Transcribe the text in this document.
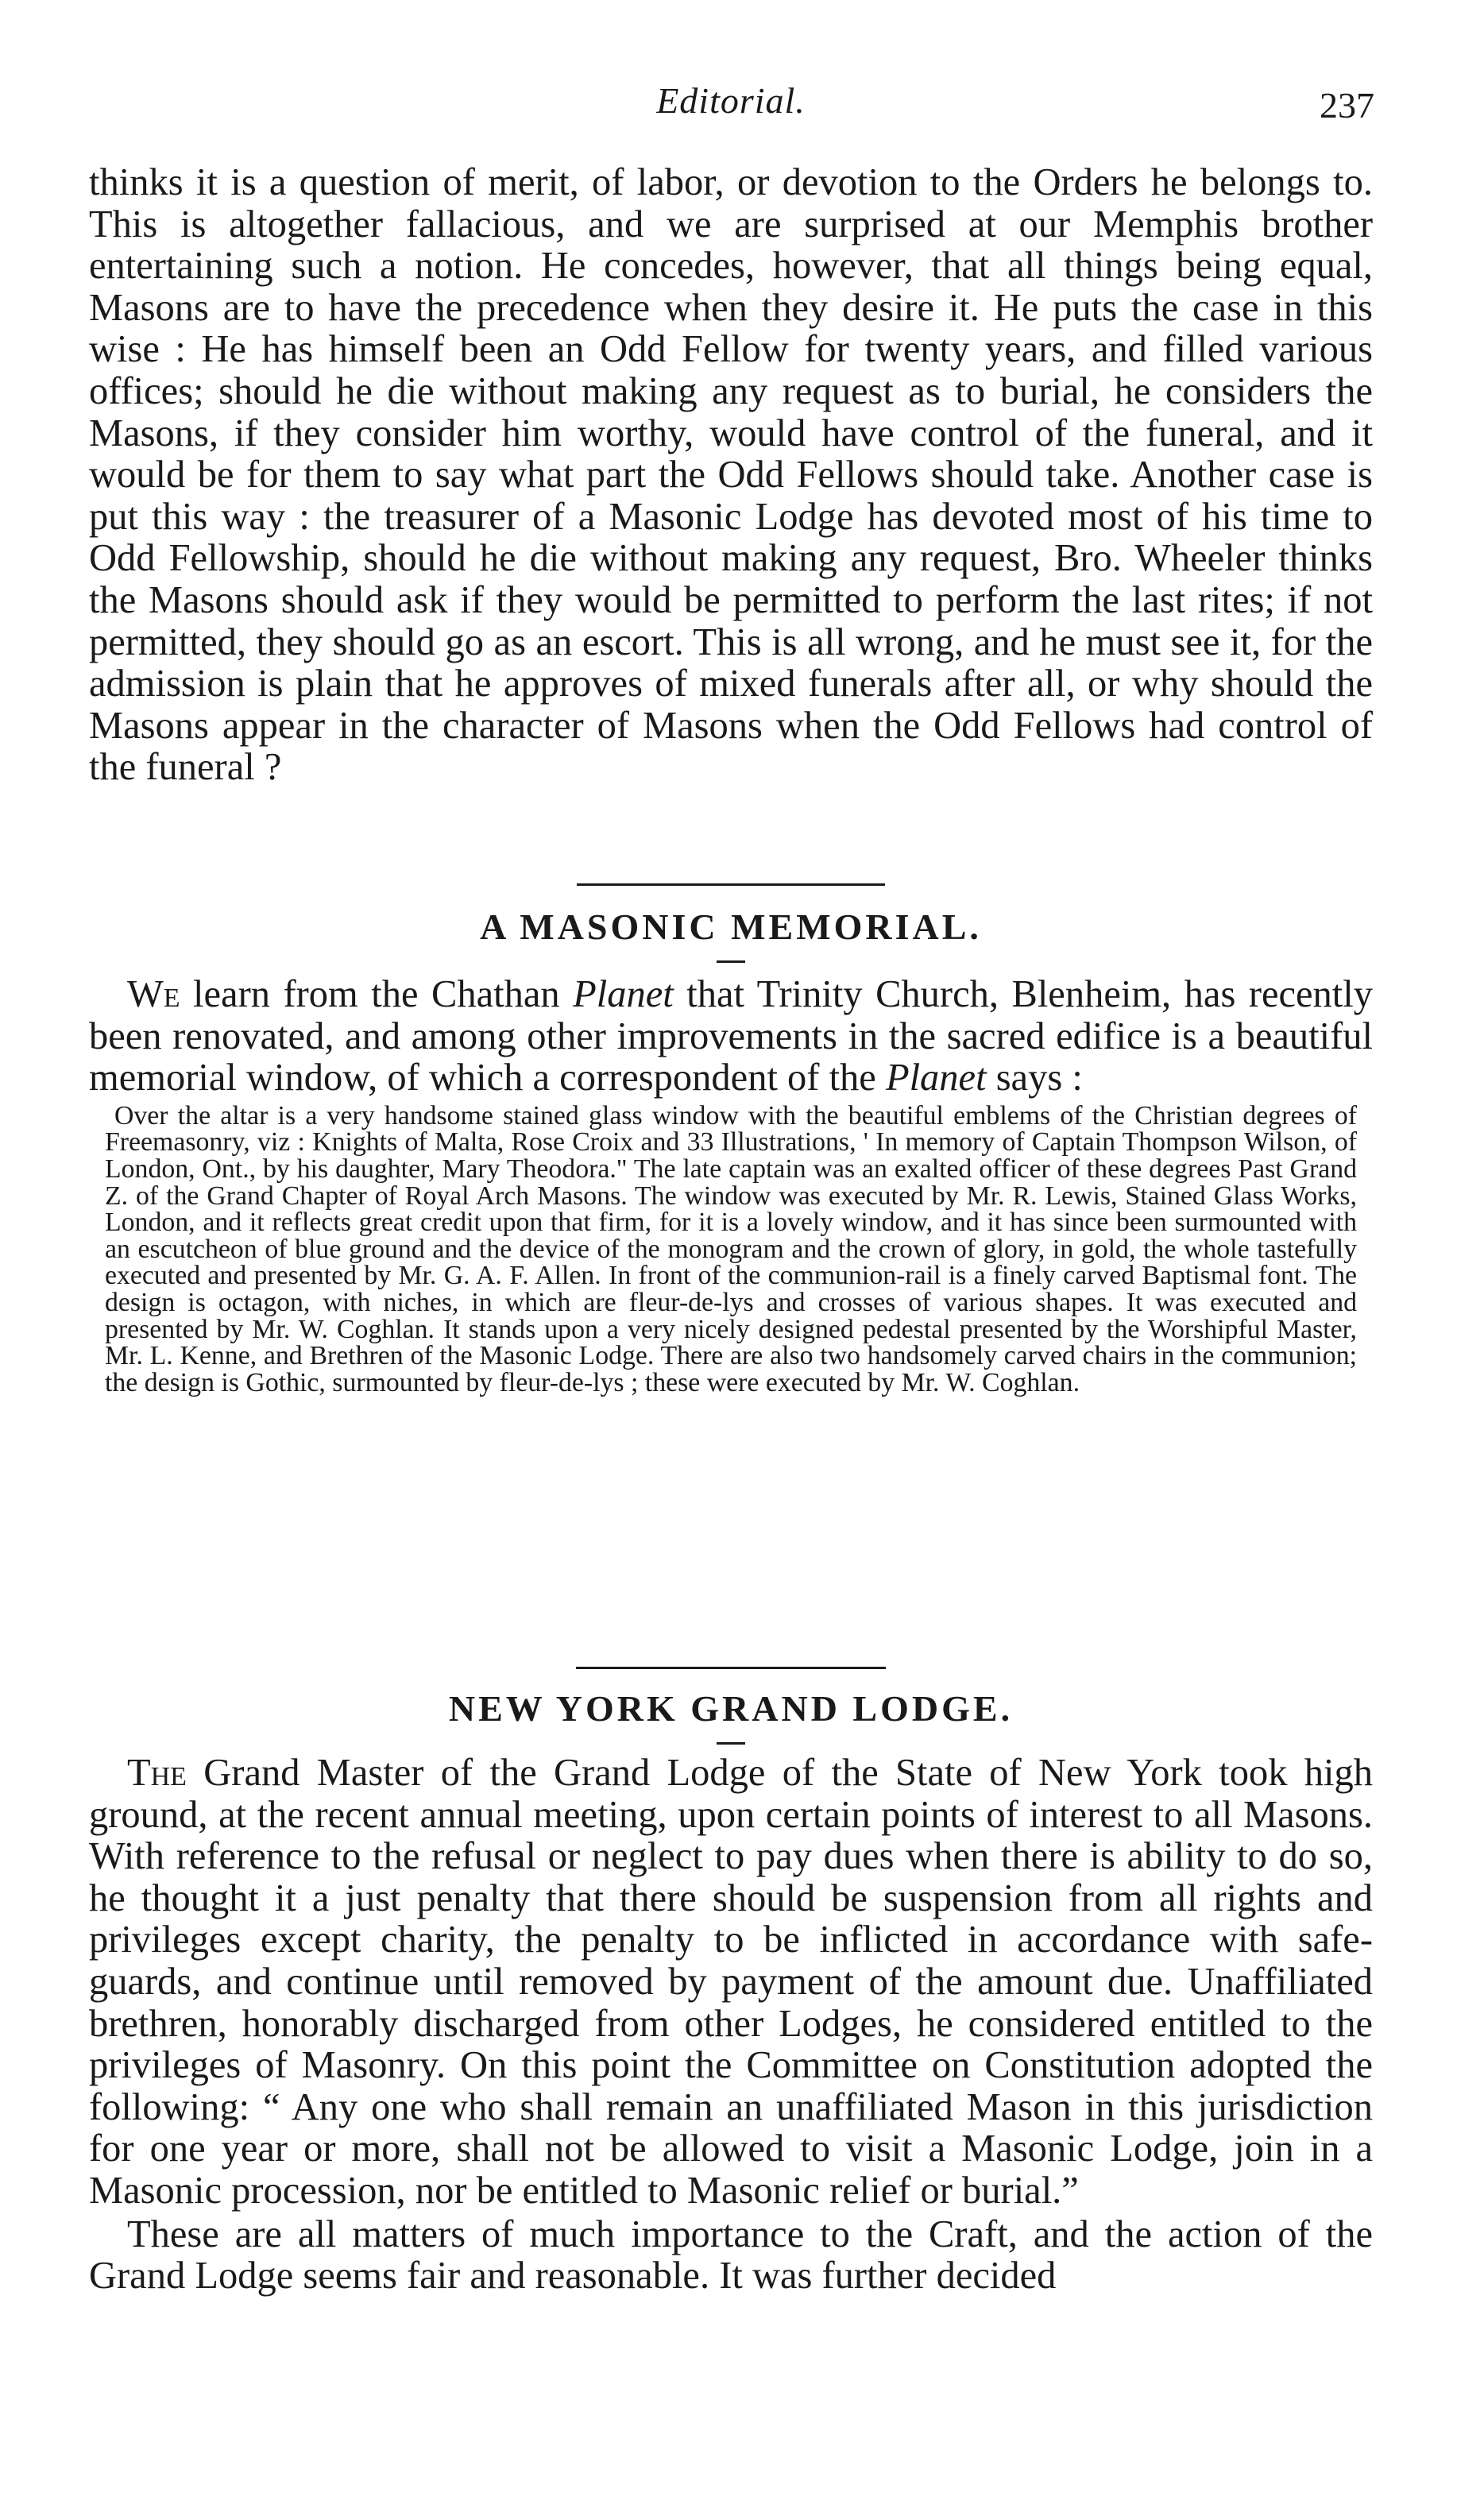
Editorial.	237

thinks it is a question of merit, of labor, or devotion to the Orders he belongs to. This is altogether fallacious, and we are surprised at our Memphis brother entertaining such a notion. He concedes, however, that all things being equal, Masons are to have the precedence when they desire it. He puts the case in this wise : He has himself been an Odd Fellow for twenty years, and filled various offices; should he die without making any request as to burial, he considers the Masons, if they consider him worthy, would have control of the funeral, and it would be for them to say what part the Odd Fellows should take. Another case is put this way : the treasurer of a Masonic Lodge has devoted most of his time to Odd Fellowship, should he die without making any request, Bro. Wheeler thinks the Masons should ask if they would be permitted to perform the last rites; if not permitted, they should go as an escort. This is all wrong, and he must see it, for the admission is plain that he approves of mixed funerals after all, or why should the Masons appear in the character of Masons when the Odd Fellows had control of the funeral ?

A MASONIC MEMORIAL.

We learn from the Chathan Planet that Trinity Church, Blenheim, has recently been renovated, and among other improvements in the sacred edifice is a beautiful memorial window, of which a correspondent of the Planet says :

Over the altar is a very handsome stained glass window with the beautiful emblems of the Christian degrees of Freemasonry, viz : Knights of Malta, Rose Croix and 33 Illustrations, ' In memory of Captain Thompson Wilson, of London, Ont., by his daughter, Mary Theodora." The late captain was an exalted officer of these degrees Past Grand Z. of the Grand Chapter of Royal Arch Masons. The window was executed by Mr. R. Lewis, Stained Glass Works, London, and it reflects great credit upon that firm, for it is a lovely window, and it has since been surmounted with an escutcheon of blue ground and the device of the monogram and the crown of glory, in gold, the whole tastefully executed and presented by Mr. G. A. F. Allen. In front of the communion-rail is a finely carved Baptismal font. The design is octagon, with niches, in which are fleur-de-lys and crosses of various shapes. It was executed and presented by Mr. W. Coghlan. It stands upon a very nicely designed pedestal presented by the Worshipful Master, Mr. L. Kenne, and Brethren of the Masonic Lodge. There are also two handsomely carved chairs in the communion; the design is Gothic, surmounted by fleur-de-lys ; these were executed by Mr. W. Coghlan.

NEW YORK GRAND LODGE.

The Grand Master of the Grand Lodge of the State of New York took high ground, at the recent annual meeting, upon certain points of interest to all Masons. With reference to the refusal or neglect to pay dues when there is ability to do so, he thought it a just penalty that there should be suspension from all rights and privileges except charity, the penalty to be inflicted in accordance with safe-guards, and continue until removed by payment of the amount due. Unaffiliated brethren, honorably discharged from other Lodges, he considered entitled to the privileges of Masonry. On this point the Committee on Constitution adopted the following: “ Any one who shall remain an unaffiliated Mason in this jurisdiction for one year or more, shall not be allowed to visit a Masonic Lodge, join in a Masonic procession, nor be entitled to Masonic relief or burial.”

These are all matters of much importance to the Craft, and the action of the Grand Lodge seems fair and reasonable. It was further decided
